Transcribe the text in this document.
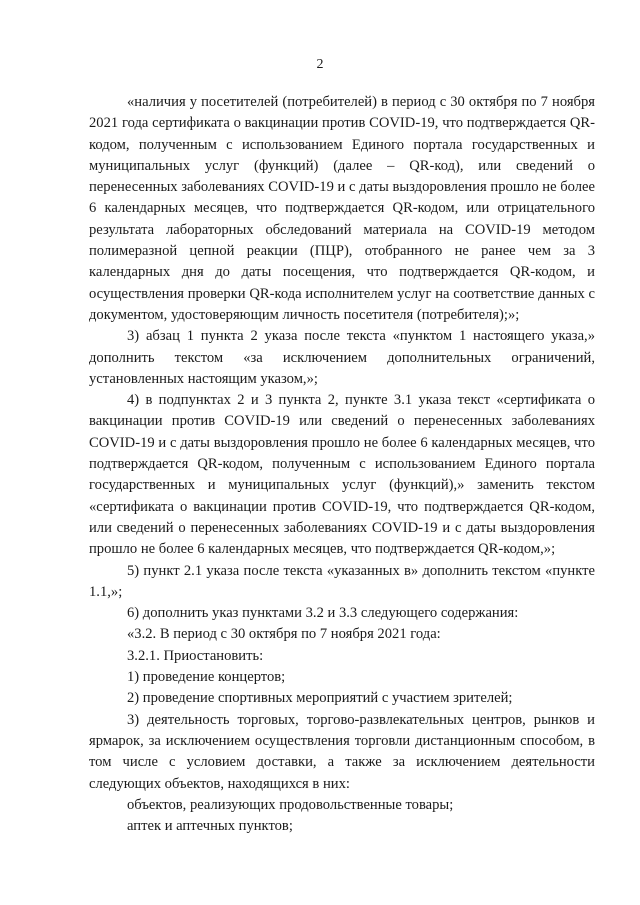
2

«наличия у посетителей (потребителей) в период с 30 октября по 7 ноября 2021 года сертификата о вакцинации против COVID-19, что подтверждается QR-кодом, полученным с использованием Единого портала государственных и муниципальных услуг (функций) (далее – QR-код), или сведений о перенесенных заболеваниях COVID-19 и с даты выздоровления прошло не более 6 календарных месяцев, что подтверждается QR-кодом, или отрицательного результата лабораторных обследований материала на COVID-19 методом полимеразной цепной реакции (ПЦР), отобранного не ранее чем за 3 календарных дня до даты посещения, что подтверждается QR-кодом, и осуществления проверки QR-кода исполнителем услуг на соответствие данных с документом, удостоверяющим личность посетителя (потребителя);»;

3) абзац 1 пункта 2 указа после текста «пунктом 1 настоящего указа,» дополнить текстом «за исключением дополнительных ограничений, установленных настоящим указом,»;

4) в подпунктах 2 и 3 пункта 2, пункте 3.1 указа текст «сертификата о вакцинации против COVID-19 или сведений о перенесенных заболеваниях COVID-19 и с даты выздоровления прошло не более 6 календарных месяцев, что подтверждается QR-кодом, полученным с использованием Единого портала государственных и муниципальных услуг (функций),» заменить текстом «сертификата о вакцинации против COVID-19, что подтверждается QR-кодом, или сведений о перенесенных заболеваниях COVID-19 и с даты выздоровления прошло не более 6 календарных месяцев, что подтверждается QR-кодом,»;

5) пункт 2.1 указа после текста «указанных в» дополнить текстом «пункте 1.1,»;

6) дополнить указ пунктами 3.2 и 3.3 следующего содержания:

«3.2. В период с 30 октября по 7 ноября 2021 года:

3.2.1. Приостановить:

1) проведение концертов;

2) проведение спортивных мероприятий с участием зрителей;

3) деятельность торговых, торгово-развлекательных центров, рынков и ярмарок, за исключением осуществления торговли дистанционным способом, в том числе с условием доставки, а также за исключением деятельности следующих объектов, находящихся в них:

объектов, реализующих продовольственные товары;

аптек и аптечных пунктов;
